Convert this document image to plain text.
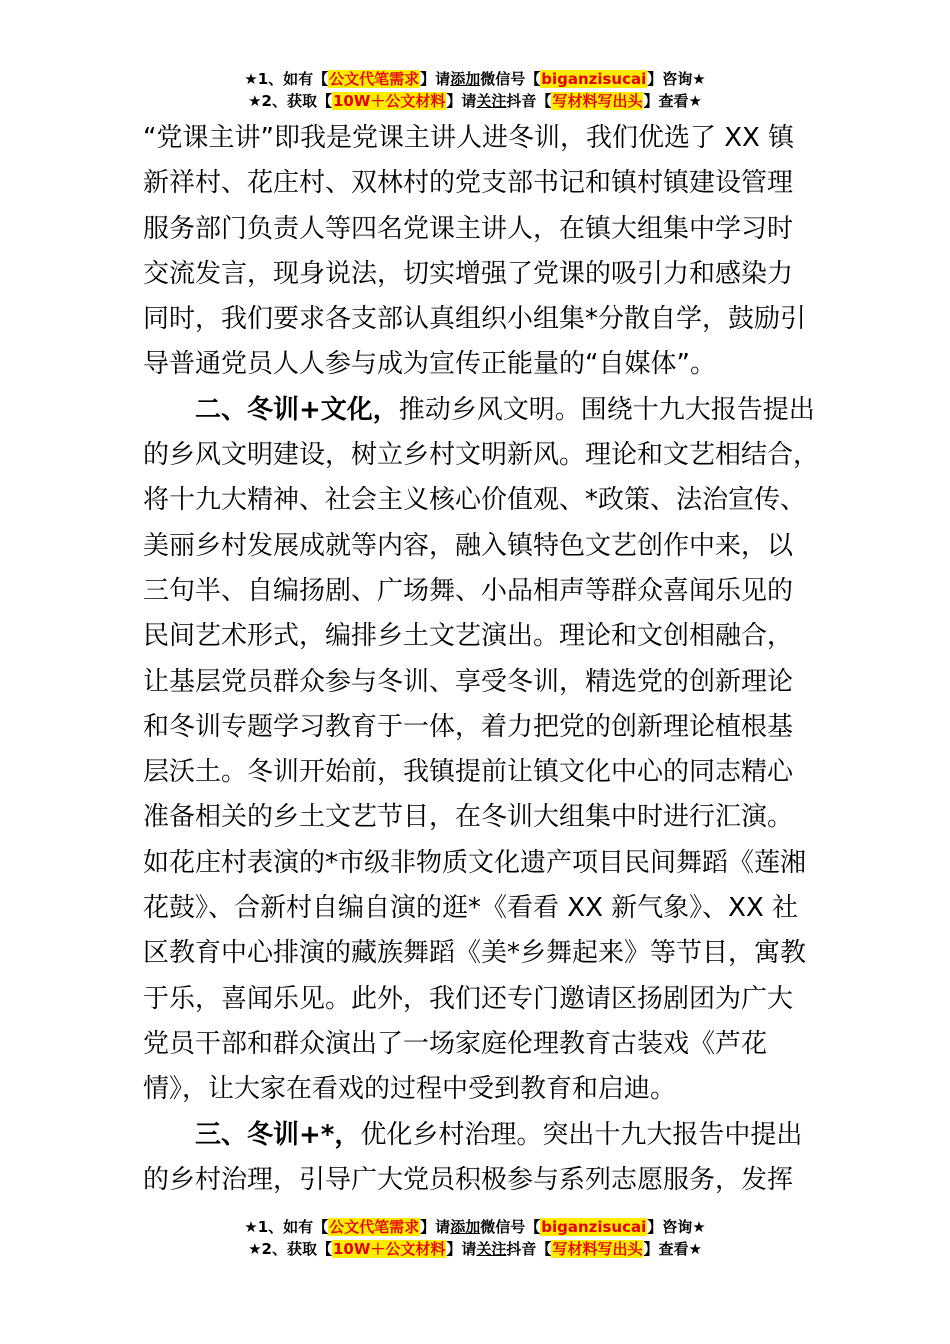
★1、如有【公文代笔需求】请添加微信号【biganzisucai】咨询★
★2、获取【10W＋公文材料】请关注抖音【写材料写出头】查看★
“党课主讲”即我是党课主讲人进冬训，我们优选了 XX 镇
新祥村、花庄村、双林村的党支部书记和镇村镇建设管理
服务部门负责人等四名党课主讲人，在镇大组集中学习时
交流发言，现身说法，切实增强了党课的吸引力和感染力
同时，我们要求各支部认真组织小组集*分散自学，鼓励引
导普通党员人人参与成为宣传正能量的“自媒体”。
二、冬训+文化，推动乡风文明。围绕十九大报告提出
的乡风文明建设，树立乡村文明新风。理论和文艺相结合，
将十九大精神、社会主义核心价值观、*政策、法治宣传、
美丽乡村发展成就等内容，融入镇特色文艺创作中来，以
三句半、自编扬剧、广场舞、小品相声等群众喜闻乐见的
民间艺术形式，编排乡土文艺演出。理论和文创相融合，
让基层党员群众参与冬训、享受冬训，精选党的创新理论
和冬训专题学习教育于一体，着力把党的创新理论植根基
层沃土。冬训开始前，我镇提前让镇文化中心的同志精心
准备相关的乡土文艺节目，在冬训大组集中时进行汇演。
如花庄村表演的*市级非物质文化遗产项目民间舞蹈《莲湘
花鼓》、合新村自编自演的逛*《看看 XX 新气象》、XX 社
区教育中心排演的藏族舞蹈《美*乡舞起来》等节目，寓教
于乐，喜闻乐见。此外，我们还专门邀请区扬剧团为广大
党员干部和群众演出了一场家庭伦理教育古装戏《芦花
情》，让大家在看戏的过程中受到教育和启迪。
三、冬训+*，优化乡村治理。突出十九大报告中提出
的乡村治理，引导广大党员积极参与系列志愿服务，发挥
★1、如有【公文代笔需求】请添加微信号【biganzisucai】咨询★
★2、获取【10W＋公文材料】请关注抖音【写材料写出头】查看★
